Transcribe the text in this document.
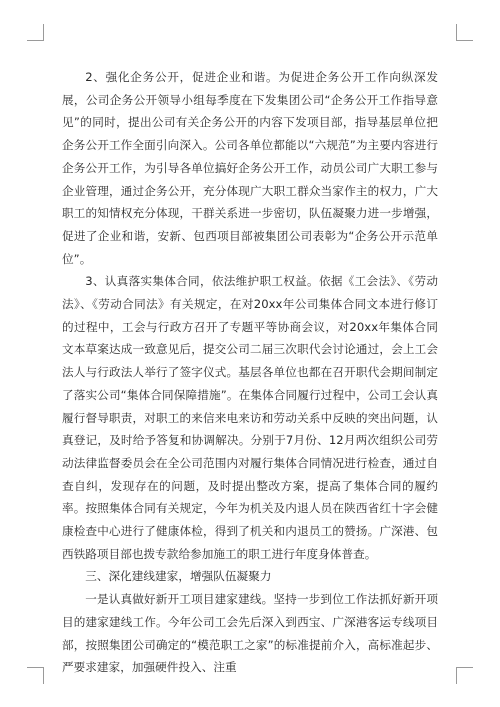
2、强化企务公开，促进企业和谐。为促进企务公开工作向纵深发展，公司企务公开领导小组每季度在下发集团公司“企务公开工作指导意见”的同时，提出公司有关企务公开的内容下发项目部，指导基层单位把企务公开工作全面引向深入。公司各单位都能以“六规范”为主要内容进行企务公开工作，为引导各单位搞好企务公开工作，动员公司广大职工参与企业管理，通过企务公开，充分体现广大职工群众当家作主的权力，广大职工的知情权充分体现，干群关系进一步密切，队伍凝聚力进一步增强，促进了企业和谐，安新、包西项目部被集团公司表彰为“企务公开示范单位”。

3、认真落实集体合同，依法维护职工权益。依据《工会法》、《劳动法》、《劳动合同法》有关规定，在对20xx年公司集体合同文本进行修订的过程中，工会与行政方召开了专题平等协商会议，对20xx年集体合同文本草案达成一致意见后，提交公司二届三次职代会讨论通过，会上工会法人与行政法人举行了签字仪式。基层各单位也都在召开职代会期间制定了落实公司“集体合同保障措施”。在集体合同履行过程中，公司工会认真履行督导职责，对职工的来信来电来访和劳动关系中反映的突出问题，认真登记，及时给予答复和协调解决。分别于7月份、12月两次组织公司劳动法律监督委员会在全公司范围内对履行集体合同情况进行检查，通过自查自纠，发现存在的问题，及时提出整改方案，提高了集体合同的履约率。按照集体合同有关规定，今年为机关及内退人员在陕西省红十字会健康检查中心进行了健康体检，得到了机关和内退员工的赞扬。广深港、包西铁路项目部也拨专款给参加施工的职工进行年度身体普查。

三、深化建线建家，增强队伍凝聚力

一是认真做好新开工项目建家建线。坚持一步到位工作法抓好新开项目的建家建线工作。今年公司工会先后深入到西宝、广深港客运专线项目部，按照集团公司确定的“模范职工之家”的标准提前介入，高标准起步、严要求建家，加强硬件投入、注重
